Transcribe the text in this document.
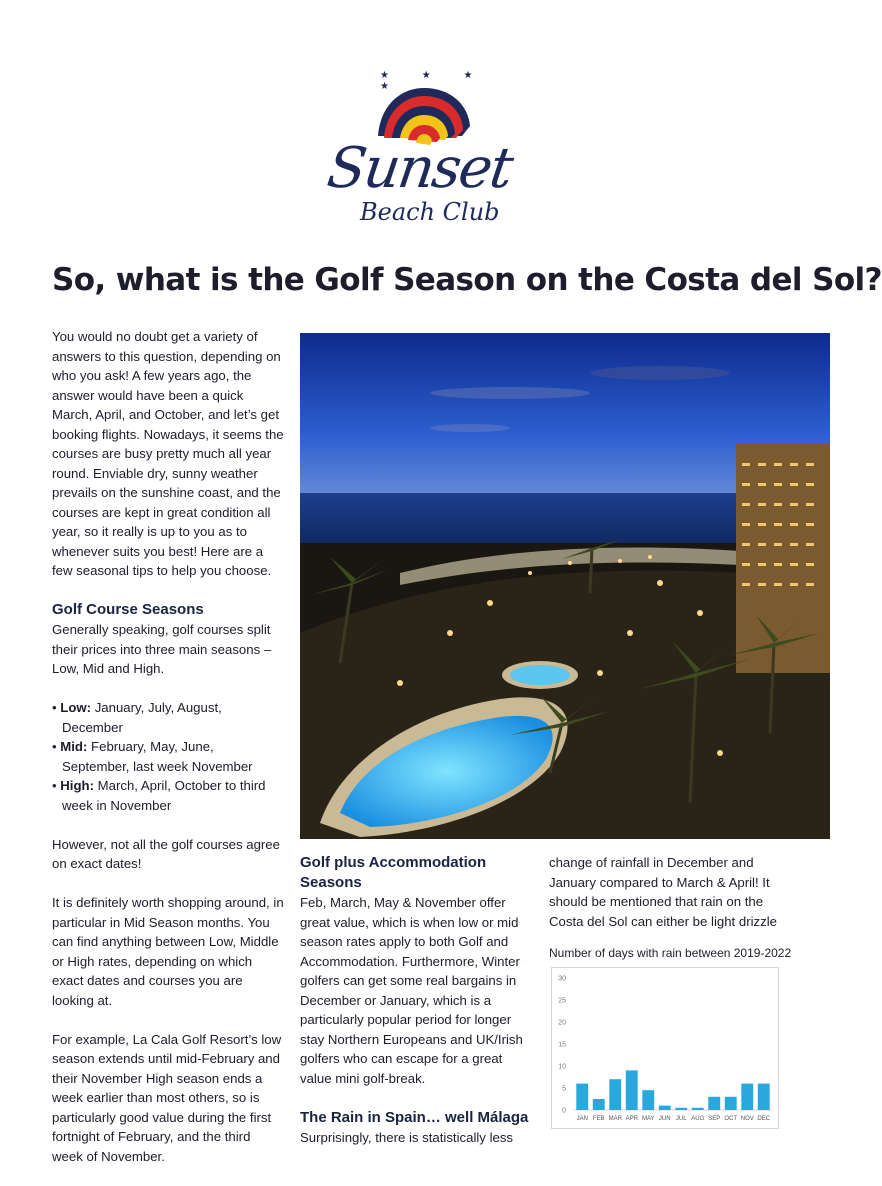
★ ★ ★ ★
Sunset
Beach Club
So, what is the Golf Season on the Costa del Sol?

You would no doubt get a variety of answers to this question, depending on who you ask! A few years ago, the answer would have been a quick March, April, and October, and let’s get booking flights. Nowadays, it seems the courses are busy pretty much all year round. Enviable dry, sunny weather prevails on the sunshine coast, and the courses are kept in great condition all year, so it really is up to you as to whenever suits you best! Here are a few seasonal tips to help you choose.

Golf Course Seasons

Generally speaking, golf courses split their prices into three main seasons – Low, Mid and High.

• Low: January, July, August, December
• Mid: February, May, June, September, last week November
• High: March, April, October to third week in November

However, not all the golf courses agree on exact dates!

It is definitely worth shopping around, in particular in Mid Season months. You can find anything between Low, Middle or High rates, depending on which exact dates and courses you are looking at.

For example, La Cala Golf Resort’s low season extends until mid-February and their November High season ends a week earlier than most others, so is particularly good value during the first fortnight of February, and the third week of November.

Golf plus Accommodation Seasons

Feb, March, May & November offer great value, which is when low or mid season rates apply to both Golf and Accommodation. Furthermore, Winter golfers can get some real bargains in December or January, which is a particularly popular period for longer stay Northern Europeans and UK/Irish golfers who can escape for a great value mini golf-break.

The Rain in Spain… well Málaga

Surprisingly, there is statistically less

change of rainfall in December and January compared to March & April! It should be mentioned that rain on the Costa del Sol can either be light drizzle

Number of days with rain between 2019-2022
0
5
10
15
20
25
30
JAN FEB MAR APR MAY JUN JUL AUG SEP OCT NOV DEC
